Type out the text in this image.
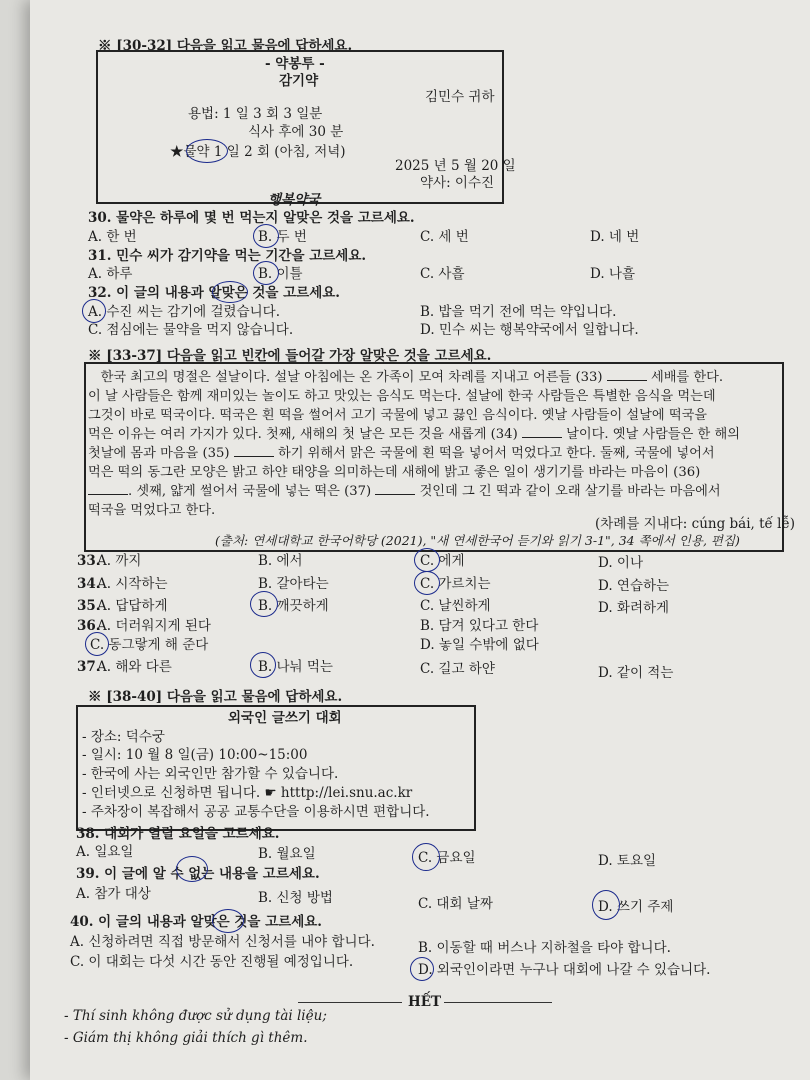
※ [30-32] 다음을 읽고 물음에 답하세요.
- 약봉투 -
감기약
김민수 귀하
용법: 1 일 3 회 3 일분
식사 후에 30 분
★물약 1 일 2 회 (아침, 저녁)
2025 년 5 월 20 일
약사: 이수진
행복약국
30. 물약은 하루에 몇 번 먹는지 알맞은 것을 고르세요.
A. 한 번	B. 두 번	C. 세 번	D. 네 번
31. 민수 씨가 감기약을 먹는 기간을 고르세요.
A. 하루	B. 이틀	C. 사흘	D. 나흘
32. 이 글의 내용과 알맞은 것을 고르세요.
A. 수진 씨는 감기에 걸렸습니다.	B. 밥을 먹기 전에 먹는 약입니다.
C. 점심에는 물약을 먹지 않습니다.	D. 민수 씨는 행복약국에서 일합니다.
※ [33-37] 다음을 읽고 빈칸에 들어갈 가장 알맞은 것을 고르세요.

한국 최고의 명절은 설날이다. 설날 아침에는 온 가족이 모여 차례를 지내고 어른들 (33)	세배를 한다.

이 날 사람들은 함께 재미있는 놀이도 하고 맛있는 음식도 먹는다. 설날에 한국 사람들은 특별한 음식을 먹는데

그것이 바로 떡국이다. 떡국은 흰 떡을 썰어서 고기 국물에 넣고 끓인 음식이다. 옛날 사람들이 설날에 떡국을

먹은 이유는 여러 가지가 있다. 첫째, 새해의 첫 날은 모든 것을 새롭게 (34)	날이다. 옛날 사람들은 한 해의

첫날에 몸과 마음을 (35)	하기 위해서 맑은 국물에 흰 떡을 넣어서 먹었다고 한다. 둘째, 국물에 넣어서

먹은 떡의 동그란 모양은 밝고 하얀 태양을 의미하는데 새해에 밝고 좋은 일이 생기기를 바라는 마음이 (36)

. 셋째, 얇게 썰어서 국물에 넣는 떡은 (37)	것인데 그 긴 떡과 같이 오래 살기를 바라는 마음에서

떡국을 먹었다고 한다.

(차례를 지내다: cúng bái, tế lễ)
(출처: 연세대학교 한국어학당 (2021), "새 연세한국어 듣기와 읽기 3-1", 34 쪽에서 인용, 편집)
33.
A. 까지	B. 에서	C. 에게	D. 이나
34.
A. 시작하는	B. 갈아타는	C. 가르치는	D. 연습하는
35.
A. 답답하게	B. 깨끗하게	C. 날씬하게	D. 화려하게
36.
A. 더러워지게 된다	B. 담겨 있다고 한다
C. 동그랗게 해 준다	D. 놓일 수밖에 없다
37.
A. 해와 다른	B. 나눠 먹는	C. 길고 하얀	D. 같이 적는
※ [38-40] 다음을 읽고 물음에 답하세요.
외국인 글쓰기 대회
- 장소: 덕수궁
- 일시: 10 월 8 일(금) 10:00~15:00
- 한국에 사는 외국인만 참가할 수 있습니다.
- 인터넷으로 신청하면 됩니다. ☛ htttp://lei.snu.ac.kr
- 주차장이 복잡해서 공공 교통수단을 이용하시면 편합니다.
38. 대회가 열릴 요일을 고르세요.
A. 일요일	B. 월요일	C. 금요일	D. 토요일
39. 이 글에 알 수 없는 내용을 고르세요.
A. 참가 대상	B. 신청 방법	C. 대회 날짜	D. 쓰기 주제
40. 이 글의 내용과 알맞은 것을 고르세요.
A. 신청하려면 직접 방문해서 신청서를 내야 합니다.	B. 이동할 때 버스나 지하철을 타야 합니다.
C. 이 대회는 다섯 시간 동안 진행될 예정입니다.	D. 외국인이라면 누구나 대회에 나갈 수 있습니다.
HẾT
- Thí sinh không được sử dụng tài liệu;
- Giám thị không giải thích gì thêm.
